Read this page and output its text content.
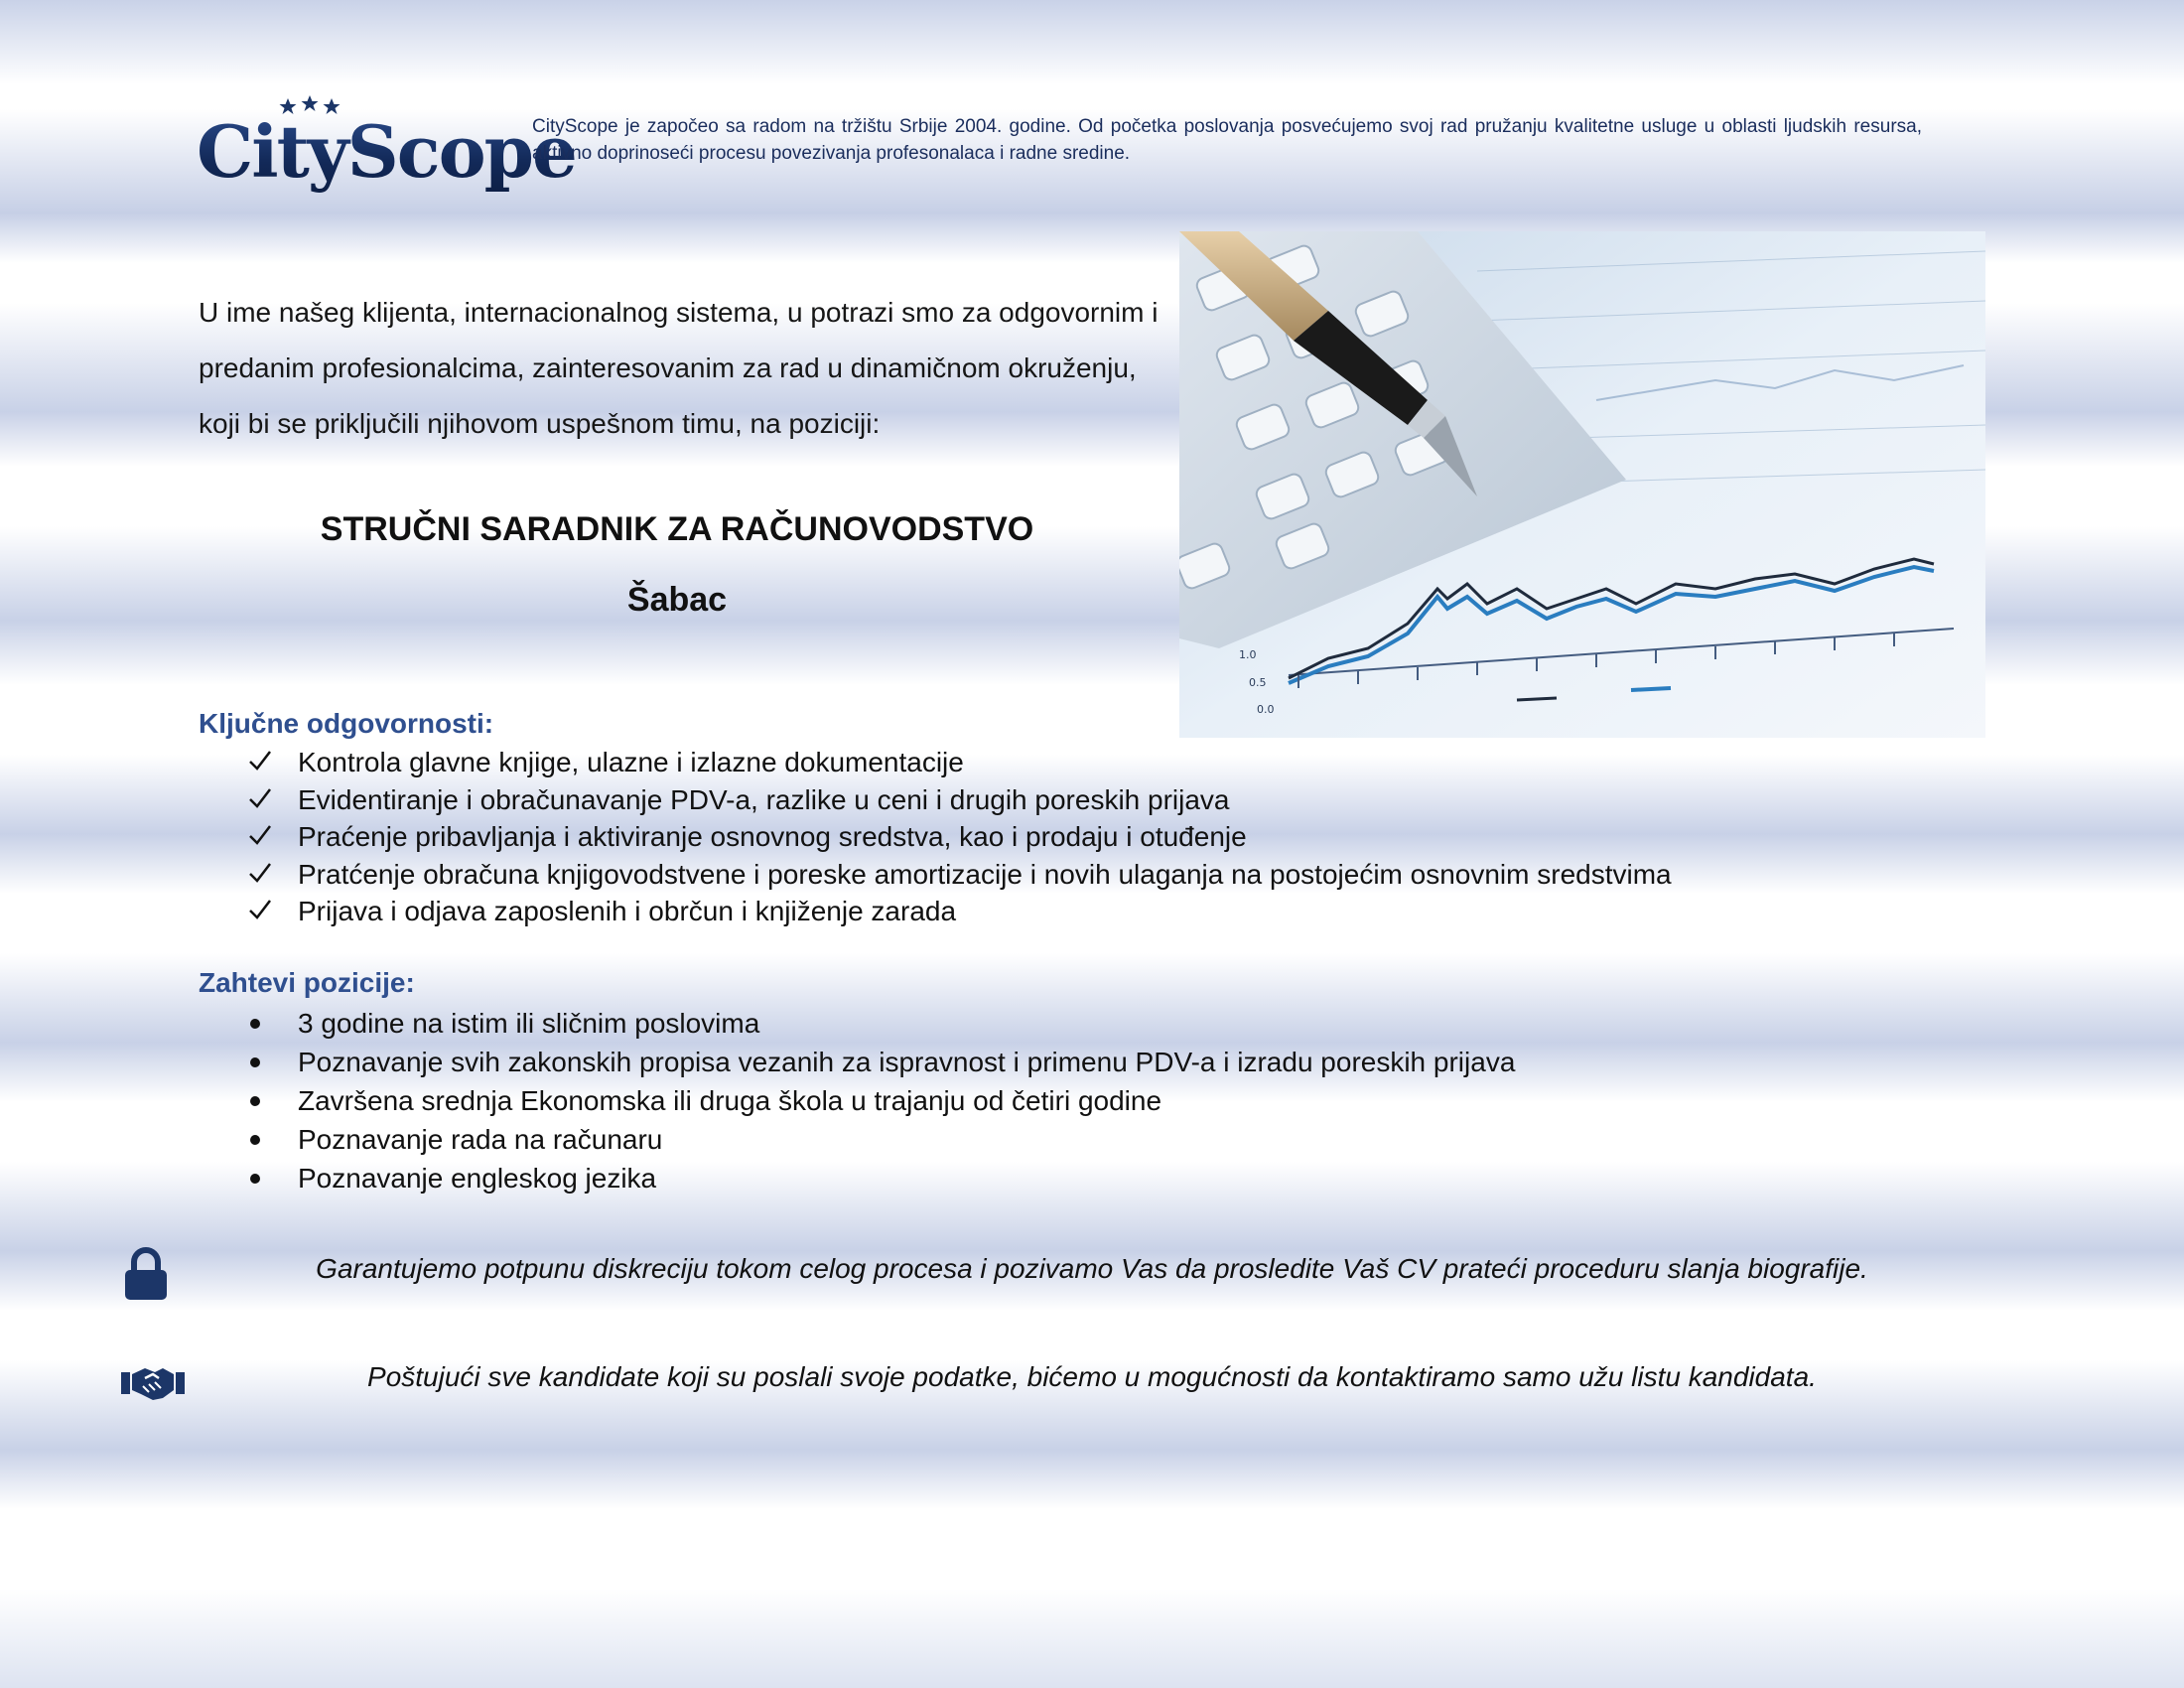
CityScope
CityScope je započeo sa radom na tržištu Srbije 2004. godine. Od početka poslovanja posvećujemo svoj rad pružanju kvalitetne usluge u oblasti ljudskih resursa, aktivno doprinoseći procesu povezivanja profesonalaca i radne sredine.
1.0
0.5
0.0
U ime našeg klijenta, internacionalnog sistema, u potrazi smo za odgovornim i predanim profesionalcima, zainteresovanim za rad u dinamičnom okruženju, koji bi se priključili njihovom uspešnom timu, na poziciji:
STRUČNI SARADNIK ZA RAČUNOVODSTVO
Šabac
Ključne odgovornosti:
Kontrola glavne knjige, ulazne i izlazne dokumentacije
Evidentiranje i obračunavanje PDV-a, razlike u ceni i drugih poreskih prijava
Praćenje pribavljanja i aktiviranje osnovnog sredstva, kao i prodaju i otuđenje
Pratćenje obračuna knjigovodstvene i poreske amortizacije i novih ulaganja na postojećim osnovnim sredstvima
Prijava i odjava zaposlenih i obrčun i knjiženje zarada
Zahtevi pozicije:
3 godine na istim ili sličnim poslovima
Poznavanje svih zakonskih propisa vezanih za ispravnost i primenu PDV-a i izradu poreskih prijava
Završena srednja Ekonomska ili druga škola u trajanju od četiri godine
Poznavanje rada na računaru
Poznavanje engleskog jezika
Garantujemo potpunu diskreciju tokom celog procesa i pozivamo Vas da prosledite Vaš CV prateći proceduru slanja biografije.
Poštujući sve kandidate koji su poslali svoje podatke, bićemo u mogućnosti da kontaktiramo samo užu listu kandidata.
